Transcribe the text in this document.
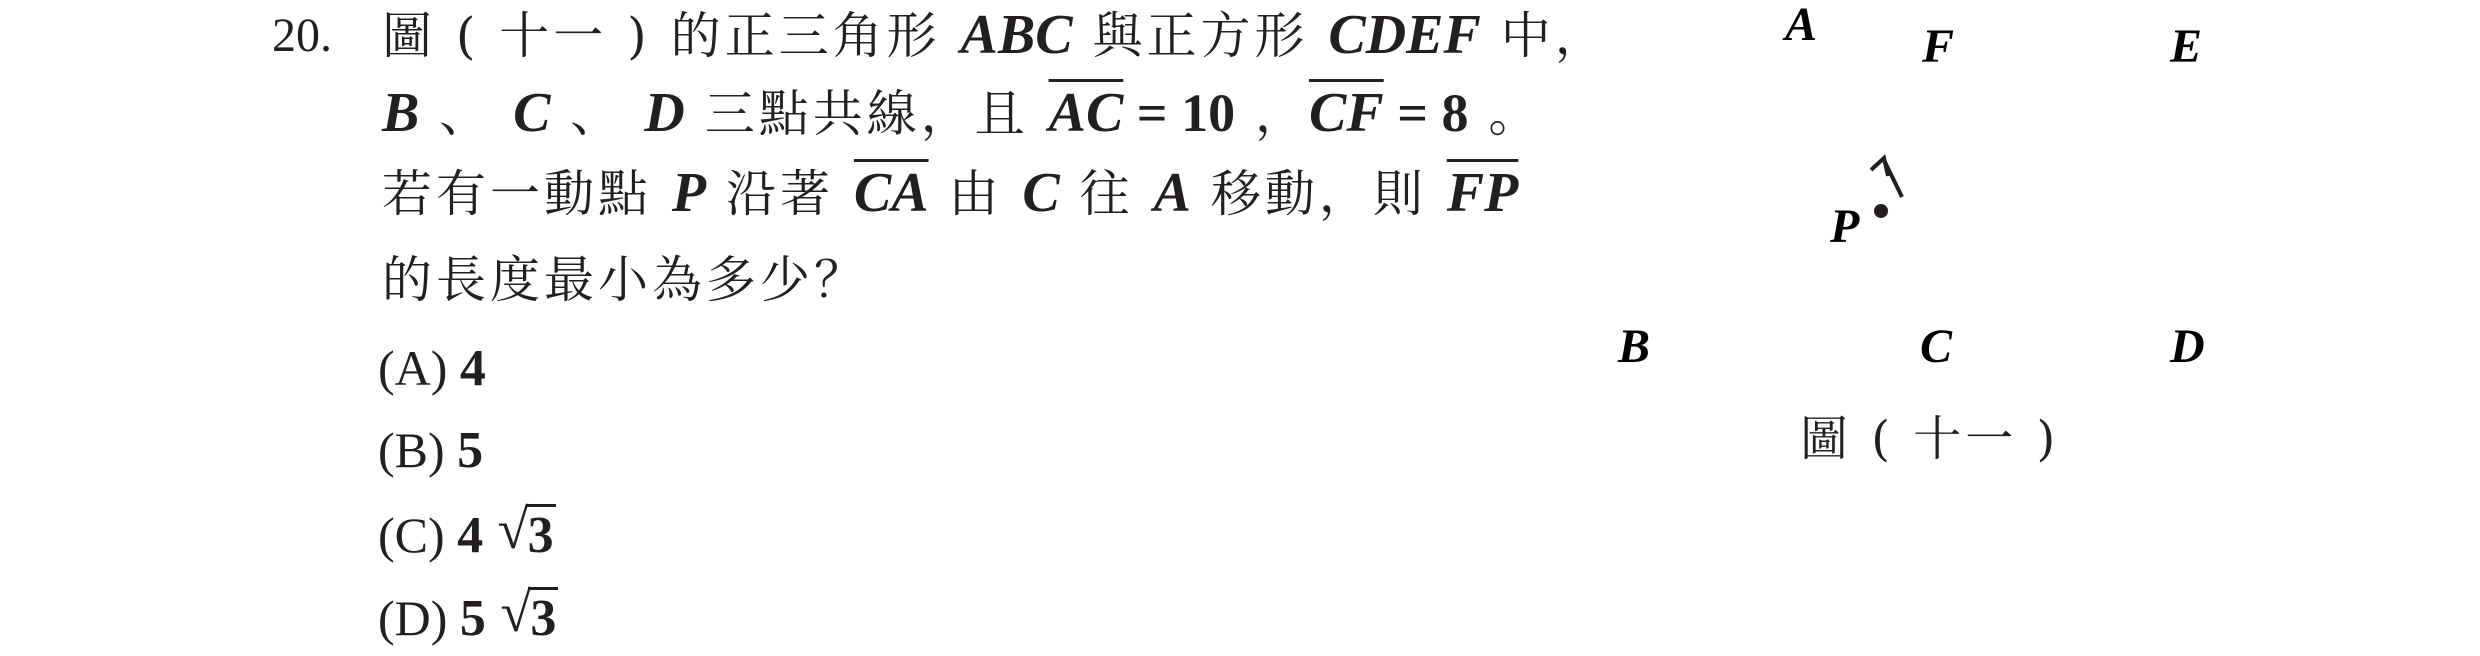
20. 圖 ( 十一 ) 的正三角形 ABC 與正方形 CDEF 中，
B 、 C 、 D 三點共線，且 $\overline{AC} = 10$ ，$\overline{CF} = 8$ 。
若有一動點 P 沿著 $\overline{CA}$ 由 C 往 A 移動，則 $\overline{FP}$
的長度最小為多少？
(A) 4
(B) 5
(C) 4 √ 3
(D) 5 √ 3
A
B	C	D
E
F
P
圖 ( 十一 )
